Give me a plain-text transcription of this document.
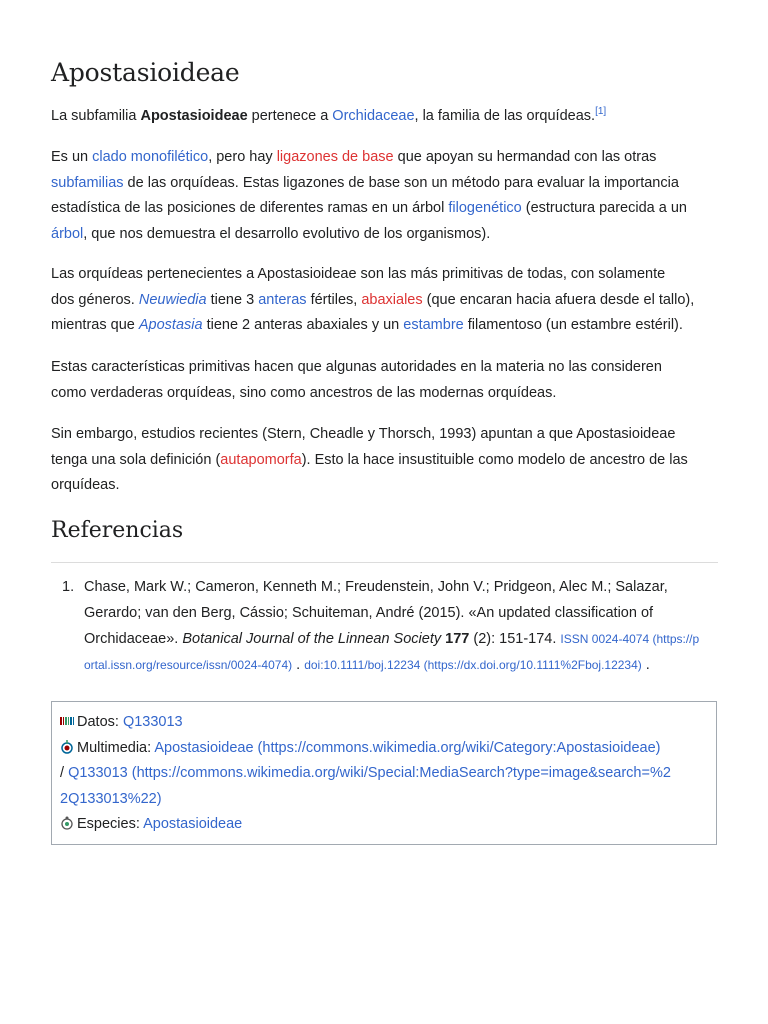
Apostasioideae

La subfamilia Apostasioideae pertenece a Orchidaceae, la familia de las orquídeas.[1]

Es un clado monofilético, pero hay ligazones de base que apoyan su hermandad con las otras
subfamilias de las orquídeas. Estas ligazones de base son un método para evaluar la importancia
estadística de las posiciones de diferentes ramas en un árbol filogenético (estructura parecida a un
árbol, que nos demuestra el desarrollo evolutivo de los organismos).

Las orquídeas pertenecientes a Apostasioideae son las más primitivas de todas, con solamente
dos géneros. Neuwiedia tiene 3 anteras fértiles, abaxiales (que encaran hacia afuera desde el tallo),
mientras que Apostasia tiene 2 anteras abaxiales y un estambre filamentoso (un estambre estéril).

Estas características primitivas hacen que algunas autoridades en la materia no las consideren
como verdaderas orquídeas, sino como ancestros de las modernas orquídeas.

Sin embargo, estudios recientes (Stern, Cheadle y Thorsch, 1993) apuntan a que Apostasioideae
tenga una sola definición (autapomorfa). Esto la hace insustituible como modelo de ancestro de las
orquídeas.

Referencias
1. Chase, Mark W.; Cameron, Kenneth M.; Freudenstein, John V.; Pridgeon, Alec M.; Salazar,
Gerardo; van den Berg, Cássio; Schuiteman, André (2015). «An updated classification of
Orchidaceae». Botanical Journal of the Linnean Society 177 (2): 151-174. ISSN 0024-4074 (https://p
ortal.issn.org/resource/issn/0024-4074) . doi:10.1111/boj.12234 (https://dx.doi.org/10.1111%2Fboj.12234) .
Datos: Q133013
Multimedia: Apostasioideae (https://commons.wikimedia.org/wiki/Category:Apostasioideae)
/ Q133013 (https://commons.wikimedia.org/wiki/Special:MediaSearch?type=image&search=%2
2Q133013%22)
Especies: Apostasioideae
